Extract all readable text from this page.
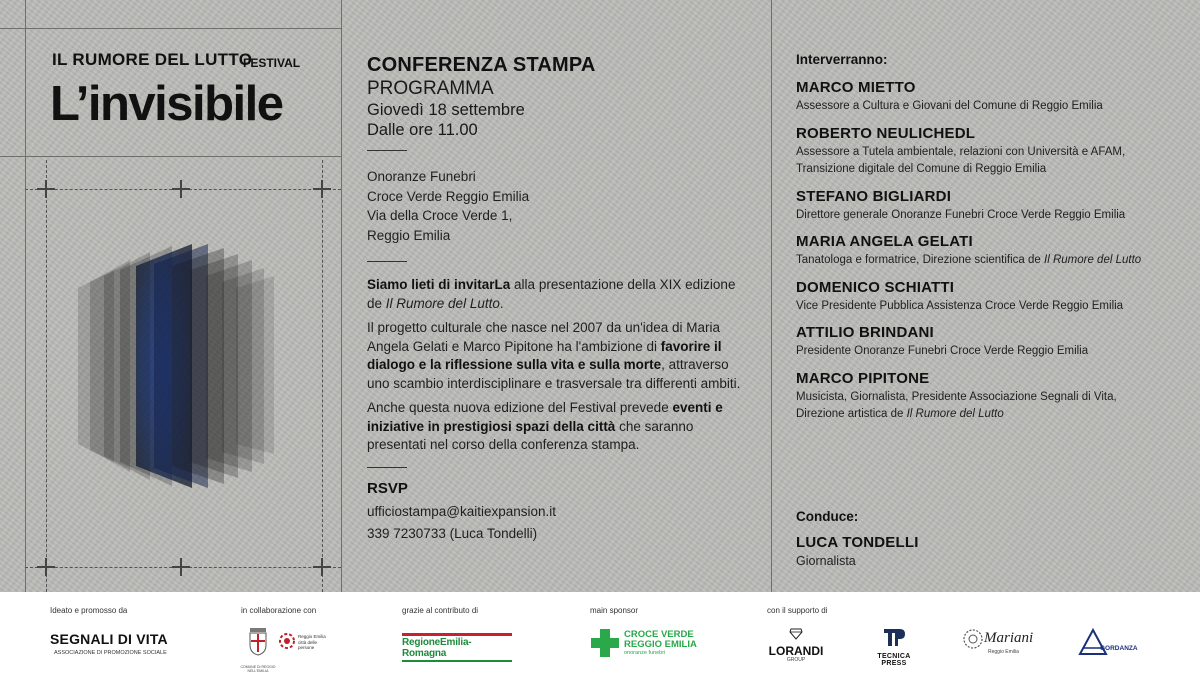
IL RUMORE DEL LUTTO
FESTIVAL
L’invisibile
CONFERENZA STAMPA
PROGRAMMA
Giovedì 18 settembre
Dalle ore 11.00
Onoranze Funebri
Croce Verde Reggio Emilia
Via della Croce Verde 1,
Reggio Emilia

Siamo lieti di invitarLa alla presentazione della XIX edizione de Il Rumore del Lutto.

Il progetto culturale che nasce nel 2007 da un'idea di Maria Angela Gelati e Marco Pipitone ha l'ambizione di favorire il dialogo e la riflessione sulla vita e sulla morte, attraverso uno scambio interdisciplinare e trasversale tra differenti ambiti.

Anche questa nuova edizione del Festival prevede eventi e iniziative in prestigiosi spazi della città che saranno presentati nel corso della conferenza stampa.

RSVP
ufficiostampa@kaitiexpansion.it
339 7230733 (Luca Tondelli)
Interverranno:
MARCO MIETTO
Assessore a Cultura e Giovani del Comune di Reggio Emilia
ROBERTO NEULICHEDL
Assessore a Tutela ambientale, relazioni con Università e AFAM, Transizione digitale del Comune di Reggio Emilia
STEFANO BIGLIARDI
Direttore generale Onoranze Funebri Croce Verde Reggio Emilia
MARIA ANGELA GELATI
Tanatologa e formatrice, Direzione scientifica de Il Rumore del Lutto
DOMENICO SCHIATTI
Vice Presidente Pubblica Assistenza Croce Verde Reggio Emilia
ATTILIO BRINDANI
Presidente Onoranze Funebri Croce Verde Reggio Emilia
MARCO PIPITONE
Musicista, Giornalista, Presidente Associazione Segnali di Vita, Direzione artistica de Il Rumore del Lutto
Conduce:
LUCA TONDELLI
Giornalista
Ideato e promosso da	in collaborazione con	grazie al contributo di	main sponsor	con il supporto di
SEGNALI DI VITA
ASSOCIAZIONE DI PROMOZIONE SOCIALE
COMUNE DI REGGIO NELL'EMILIA
Reggio Emilia città delle persone	RegioneEmilia-Romagna
CROCE VERDE
REGGIO EMILIA
onoranze funebri	LORANDI
GROUP	TECNICA PRESS
Mariani
Reggio Emilia	GORDANZA
